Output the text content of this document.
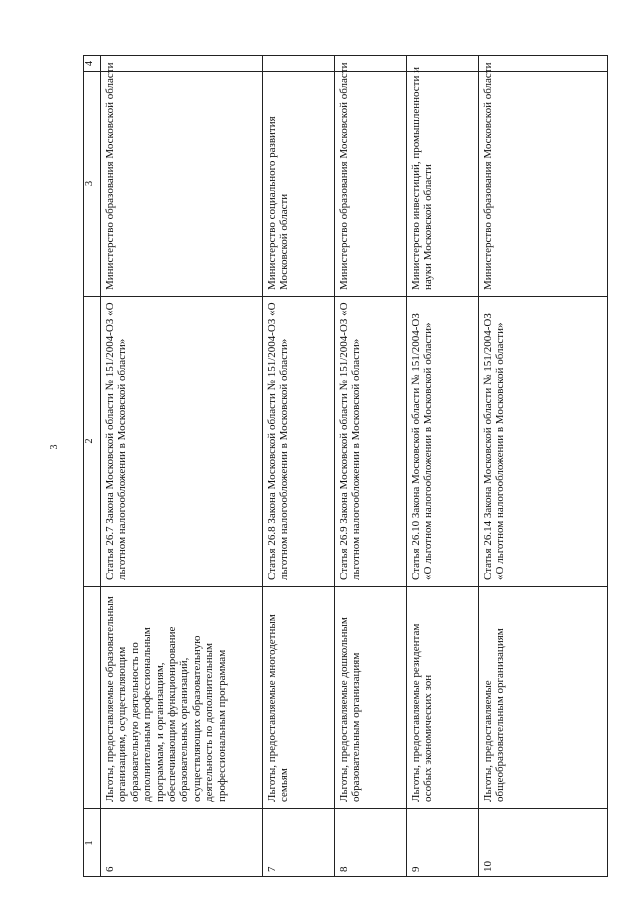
3
4
3
2
1
Министерство образования Московской области
Статья 26.7 Закона Московской области № 151/2004-ОЗ «О льготном налогообложении в Московской области»
Льготы, предоставляемые образовательным организациям, осуществляющим образовательную деятельность по дополнительным профессиональным программам, и организациям, обеспечивающим функционирование образовательных организаций, осуществляющих образовательную деятельность по дополнительным профессиональным программам
6
Министерство социального развития Московской области
Статья 26.8 Закона Московской области № 151/2004-ОЗ «О льготном налогообложении в Московской области»
Льготы, предоставляемые многодетным семьям
7
Министерство образования Московской области
Статья 26.9 Закона Московской области № 151/2004-ОЗ «О льготном налогообложении в Московской области»
Льготы, предоставляемые дошкольным образовательным организациям
8
Министерство инвестиций, промышленности и науки Московской области
Статья 26.10 Закона Московской области № 151/2004-ОЗ «О льготном налогообложении в Московской области»
Льготы, предоставляемые резидентам особых экономических зон
9
Министерство образования Московской области
Статья 26.14 Закона Московской области № 151/2004-ОЗ «О льготном налогообложении в Московской области»
Льготы, предоставляемые общеобразовательным организациям
10
